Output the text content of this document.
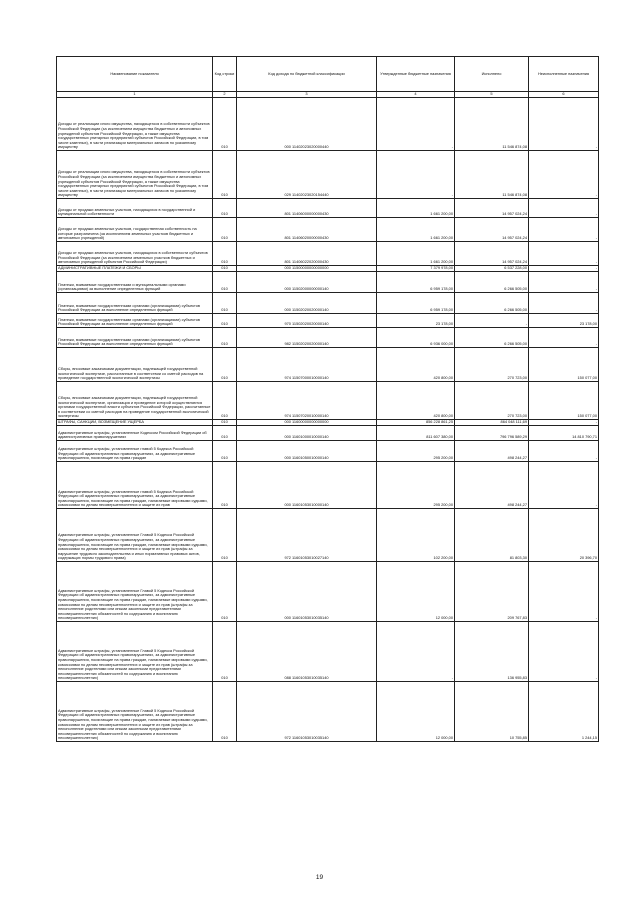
Наименование показателя	Код строки	Код дохода по бюджетной классификации	Утвержденные бюджетные назначения	Исполнено	Неисполненные назначения
1	2	3	4	5	6
Доходы от реализации иного имущества, находящегося в собственности субъектов Российской Федерации (за исключением имущества бюджетных и автономных учреждений субъектов Российской Федерации, а также имущества государственных унитарных предприятий субъектов Российской Федерации, в том числе казенных), в части реализации материальных запасов по указанному имуществу	010	000 11402023020000440	-	11 546 874,08	-
Доходы от реализации иного имущества, находящегося в собственности субъектов Российской Федерации (за исключением имущества бюджетных и автономных учреждений субъектов Российской Федерации, а также имущества государственных унитарных предприятий субъектов Российской Федерации, в том числе казенных), в части реализации материальных запасов по указанному имуществу	010	029 11402023020154440	-	11 546 874,08	-
Доходы от продажи земельных участков, находящихся в государственной и муниципальной собственности	010	801 11406000000000430	1 661 200,00	14 957 024,24	-
Доходы от продажи земельных участков, государственная собственность на которые разграничена (за исключением земельных участков бюджетных и автономных учреждений)	010	801 11406020000000430	1 661 200,00	14 957 024,24	-
Доходы от продажи земельных участков, находящихся в собственности субъектов Российской Федерации (за исключением земельных участков бюджетных и автономных учреждений субъектов Российской Федерации)	010	801 11406022020000430	1 661 200,00	14 957 024,24	-
АДМИНИСТРАТИВНЫЕ ПЛАТЕЖИ И СБОРЫ	010	000 11500000000000000	7 379 978,00	6 537 228,00	-
Платежи, взимаемые государственными и муниципальными органами (организациями) за выполнение определенных функций	010	000 11502000000000140	6 959 178,00	6 266 505,00	-
Платежи, взимаемые государственными органами (организациями) субъектов Российской Федерации за выполнение определенных функций	010	000 11502020020000140	6 959 178,00	6 266 505,00	-
Платежи, взимаемые государственными органами (организациями) субъектов Российской Федерации за выполнение определенных функций	010	970 11502020020000140	23 178,00	-	23 178,00
Платежи, взимаемые государственными органами (организациями) субъектов Российской Федерации за выполнение определенных функций	010	982 11502020020000140	6 936 000,00	6 266 505,00	-
Сборы, вносимые заказчиками документации, подлежащей государственной экологической экспертизе, рассчитанные в соответствии со сметой расходов на проведение государственной экологической экспертизы	010	974 11507000010000140	420 800,00	270 723,00	150 077,00
Сборы, вносимые заказчиками документации, подлежащей государственной экологической экспертизе, организация и проведение которой осуществляются органами государственной власти субъектов Российской Федерации, рассчитанные в соответствии со сметой расходов на проведение государственной экологической экспертизы	010	974 11507020010000140	420 800,00	270 723,00	150 077,00
ШТРАФЫ, САНКЦИИ, ВОЗМЕЩЕНИЕ УЩЕРБА	010	000 11600000000000000	856 228 861,25	864 048 111,69	-
Административные штрафы, установленные Кодексом Российской Федерации об административных правонарушениях	010	000 11601000010000140	811 607 380,00	796 796 589,29	14 810 790,71
Административные штрафы, установленные главой 5 Кодекса Российской Федерации об административных правонарушениях, за административные правонарушения, посягающие на права граждан	010	000 11601050010000140	295 200,00	498 244,27	-
Административные штрафы, установленные главой 5 Кодекса Российской Федерации об административных правонарушениях, за административные правонарушения, посягающие на права граждан, налагаемые мировыми судьями, комиссиями по делам несовершеннолетних и защите их прав	010	000 11601053010000140	295 200,00	498 244,27	-
Административные штрафы, установленные Главой 5 Кодекса Российской Федерации об административных правонарушениях, за административные правонарушения, посягающие на права граждан, налагаемые мировыми судьями, комиссиями по делам несовершеннолетних и защите их прав (штрафы за нарушение трудового законодательства и иных нормативных правовых актов, содержащих нормы трудового права)	010	972 11601053010027140	102 200,00	81 803,30	20 396,70
Административные штрафы, установленные Главой 5 Кодекса Российской Федерации об административных правонарушениях, за административные правонарушения, посягающие на права граждан, налагаемые мировыми судьями, комиссиями по делам несовершеннолетних и защите их прав (штрафы за неисполнение родителями или иными законными представителями несовершеннолетних обязанностей по содержанию и воспитанию несовершеннолетних)	010	000 11601053010035140	12 000,00	209 767,83	-
Административные штрафы, установленные Главой 5 Кодекса Российской Федерации об административных правонарушениях, за административные правонарушения, посягающие на права граждан, налагаемые мировыми судьями, комиссиями по делам несовершеннолетних и защите их прав (штрафы за неисполнение родителями или иными законными представителями несовершеннолетних обязанностей по содержанию и воспитанию несовершеннолетних)	010	088 11601053010035140	-	136 955,83	-
Административные штрафы, установленные Главой 5 Кодекса Российской Федерации об административных правонарушениях, за административные правонарушения, посягающие на права граждан, налагаемые мировыми судьями, комиссиями по делам несовершеннолетних и защите их прав (штрафы за неисполнение родителями или иными законными представителями несовершеннолетних обязанностей по содержанию и воспитанию несовершеннолетних)	010	972 11601053010035140	12 000,00	10 755,85	1 244,15
19
